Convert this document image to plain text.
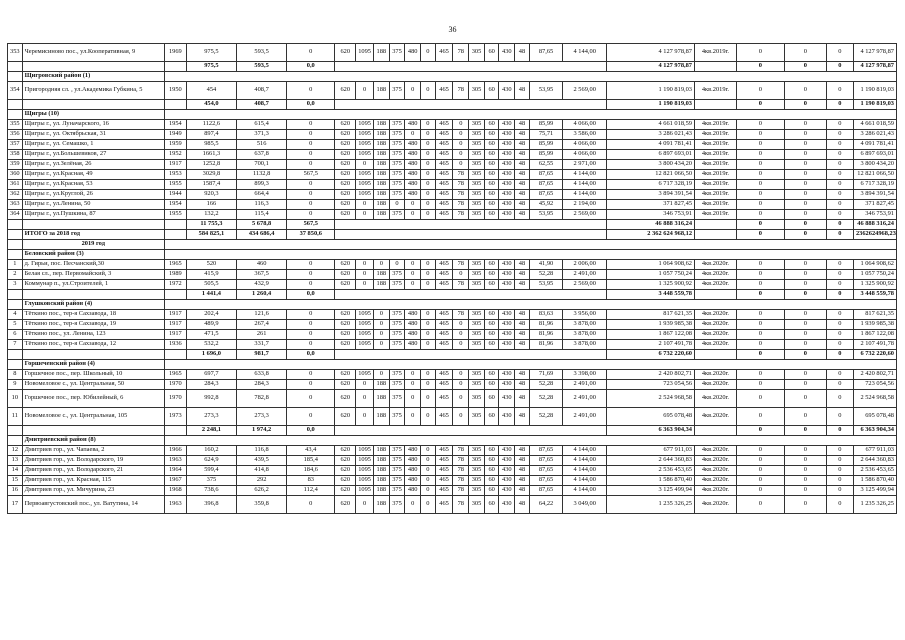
36
353	Черемисиново пос., ул.Кооперативная, 9	1969	975,5	593,5	0	620	1095	188	375	480	0	465	78	305	60	430	48	87,65	4 144,00	4 127 978,87	4кв.2019г.	0	0	0	4 127 978,87
			975,5	593,5	0,0															4 127 978,87		0	0	0	4 127 978,87
	Щигровский район (1)																								
354	Пригородняя сл. , ул.Академика Губкина, 5	1950	454	408,7	0	620	0	188	375	0	0	465	78	305	60	430	48	53,95	2 569,00	1 190 819,03	4кв.2019г.	0	0	0	1 190 819,03
			454,0	408,7	0,0															1 190 819,03		0	0	0	1 190 819,03
	Щигры (10)																								
355	Щигры г., ул. Луначарского, 16	1954	1122,6	615,4	0	620	1095	188	375	480	0	465	0	305	60	430	48	85,99	4 066,00	4 661 018,59	4кв.2019г.	0	0	0	4 661 018,59
356	Щигры г., ул. Октябрьская, 31	1949	897,4	371,3	0	620	1095	188	375	0	0	465	0	305	60	430	48	75,71	3 586,00	3 286 021,43	4кв.2019г.	0	0	0	3 286 021,43
357	Щигры г., ул. Семашко, 1	1959	985,5	516	0	620	1095	188	375	480	0	465	0	305	60	430	48	85,99	4 066,00	4 091 781,41	4кв.2019г.	0	0	0	4 091 781,41
358	Щигры г., ул.Большевиков, 27	1952	1661,3	637,8	0	620	1095	188	375	480	0	465	0	305	60	430	48	85,99	4 066,00	6 897 693,01	4кв.2019г.	0	0	0	6 897 693,01
359	Щигры г., ул.Зелёная, 26	1917	1252,8	700,1	0	620	0	188	375	480	0	465	0	305	60	430	48	62,55	2 971,00	3 800 434,20	4кв.2019г.	0	0	0	3 800 434,20
360	Щигры г., ул.Красная, 49	1953	3029,8	1132,8	567,5	620	1095	188	375	480	0	465	78	305	60	430	48	87,65	4 144,00	12 821 066,50	4кв.2019г.	0	0	0	12 821 066,50
361	Щигры г., ул.Красная, 53	1955	1587,4	899,3	0	620	1095	188	375	480	0	465	78	305	60	430	48	87,65	4 144,00	6 717 328,19	4кв.2019г.	0	0	0	6 717 328,19
362	Щигры г., ул.Круглой, 26	1944	920,3	664,4	0	620	1095	188	375	480	0	465	78	305	60	430	48	87,65	4 144,00	3 894 391,54	4кв.2019г.	0	0	0	3 894 391,54
363	Щигры г., ул.Ленина, 50	1954	166	116,3	0	620	0	188	0	0	0	465	78	305	60	430	48	45,92	2 194,00	371 827,45	4кв.2019г.	0	0	0	371 827,45
364	Щигры г., ул.Пушкина, 87	1955	132,2	115,4	0	620	0	188	375	0	0	465	78	305	60	430	48	53,95	2 569,00	346 753,91	4кв.2019г.	0	0	0	346 753,91
			11 755,3	5 678,8	567,5															46 888 316,24		0	0	0	46 888 316,24
	ИТОГО за 2018 год		584 825,1	434 686,4	37 850,6															2 362 624 968,12		0	0	0	2362624968,23
	2019 год																								
	Беловский район (3)																								
1	д. Гирьи, пос. Песчанский,30	1965	520	460	0	620	0	0	0	0	0	465	78	305	60	430	48	41,90	2 006,00	1 064 908,62	4кв.2020г.	0	0	0	1 064 908,62
2	Белая сл., пер. Первомайский, 3	1989	415,9	367,5	0	620	0	188	375	0	0	465	0	305	60	430	48	52,28	2 491,00	1 057 750,24	4кв.2020г.	0	0	0	1 057 750,24
3	Коммунар п., ул.Строителей, 1	1972	505,5	432,9	0	620	0	188	375	0	0	465	78	305	60	430	48	53,95	2 569,00	1 325 900,92	4кв.2020г.	0	0	0	1 325 900,92
			1 441,4	1 260,4	0,0															3 448 559,78		0	0	0	3 448 559,78
	Глушковский район (4)																								
4	Тёткино пос., тер-я Сахзавода, 18	1917	202,4	121,6	0	620	1095	0	375	480	0	465	78	305	60	430	48	83,63	3 956,00	817 621,35	4кв.2020г.	0	0	0	817 621,35
5	Тёткино пос., тер-я Сахзавода, 19	1917	489,9	267,4	0	620	1095	0	375	480	0	465	0	305	60	430	48	81,96	3 878,00	1 939 985,38	4кв.2020г.	0	0	0	1 939 985,38
6	Тёткино пос., ул. Ленина, 123	1917	471,5	261	0	620	1095	0	375	480	0	465	0	305	60	430	48	81,96	3 878,00	1 867 122,08	4кв.2020г.	0	0	0	1 867 122,08
7	Тёткино пос., тер-я Сахзавода, 12	1936	532,2	331,7	0	620	1095	0	375	480	0	465	0	305	60	430	48	81,96	3 878,00	2 107 491,78	4кв.2020г.	0	0	0	2 107 491,78
			1 696,0	981,7	0,0															6 732 220,60		0	0	0	6 732 220,60
	Горшеченский район (4)																								
8	Горшечное пос., пер. Школьный, 10	1965	697,7	633,8	0	620	1095	0	375	0	0	465	0	305	60	430	48	71,69	3 398,00	2 420 802,71	4кв.2020г.	0	0	0	2 420 802,71
9	Новомеловое с., ул. Центральная, 50	1970	284,3	284,3	0	620	0	188	375	0	0	465	0	305	60	430	48	52,28	2 491,00	723 054,56	4кв.2020г.	0	0	0	723 054,56
10	Горшечное пос., пер. Юбилейный, 6	1970	992,8	782,8	0	620	0	188	375	0	0	465	0	305	60	430	48	52,28	2 491,00	2 524 968,58	4кв.2020г.	0	0	0	2 524 968,58
11	Новомеловое с., ул. Центральная, 105	1973	273,3	273,3	0	620	0	188	375	0	0	465	0	305	60	430	48	52,28	2 491,00	695 078,48	4кв.2020г.	0	0	0	695 078,48
			2 248,1	1 974,2	0,0															6 363 904,34		0	0	0	6 363 904,34
	Дмитриевский район (8)																								
12	Дмитриев гор., ул. Чапаева, 2	1966	160,2	116,8	43,4	620	1095	188	375	480	0	465	78	305	60	430	48	87,65	4 144,00	677 911,03	4кв.2020г.	0	0	0	677 911,03
13	Дмитриев гор., ул. Володарского, 19	1963	624,9	439,5	185,4	620	1095	188	375	480	0	465	78	305	60	430	48	87,65	4 144,00	2 644 360,83	4кв.2020г.	0	0	0	2 644 360,83
14	Дмитриев гор., ул. Володарского, 21	1964	599,4	414,8	184,6	620	1095	188	375	480	0	465	78	305	60	430	48	87,65	4 144,00	2 536 453,65	4кв.2020г.	0	0	0	2 536 453,65
15	Дмитриев гор., ул. Красная, 115	1967	375	292	83	620	1095	188	375	480	0	465	78	305	60	430	48	87,65	4 144,00	1 586 870,40	4кв.2020г.	0	0	0	1 586 870,40
16	Дмитриев гор., ул. Мичурина, 23	1968	738,6	626,2	112,4	620	1095	188	375	480	0	465	78	305	60	430	48	87,65	4 144,00	3 125 499,94	4кв.2020г.	0	0	0	3 125 499,94
17	Первоавгустовский пос., ул. Ватутина, 14	1963	396,8	359,8	0	620	0	188	375	0	0	465	78	305	60	430	48	64,22	3 049,00	1 235 326,25	4кв.2020г.	0	0	0	1 235 326,25
